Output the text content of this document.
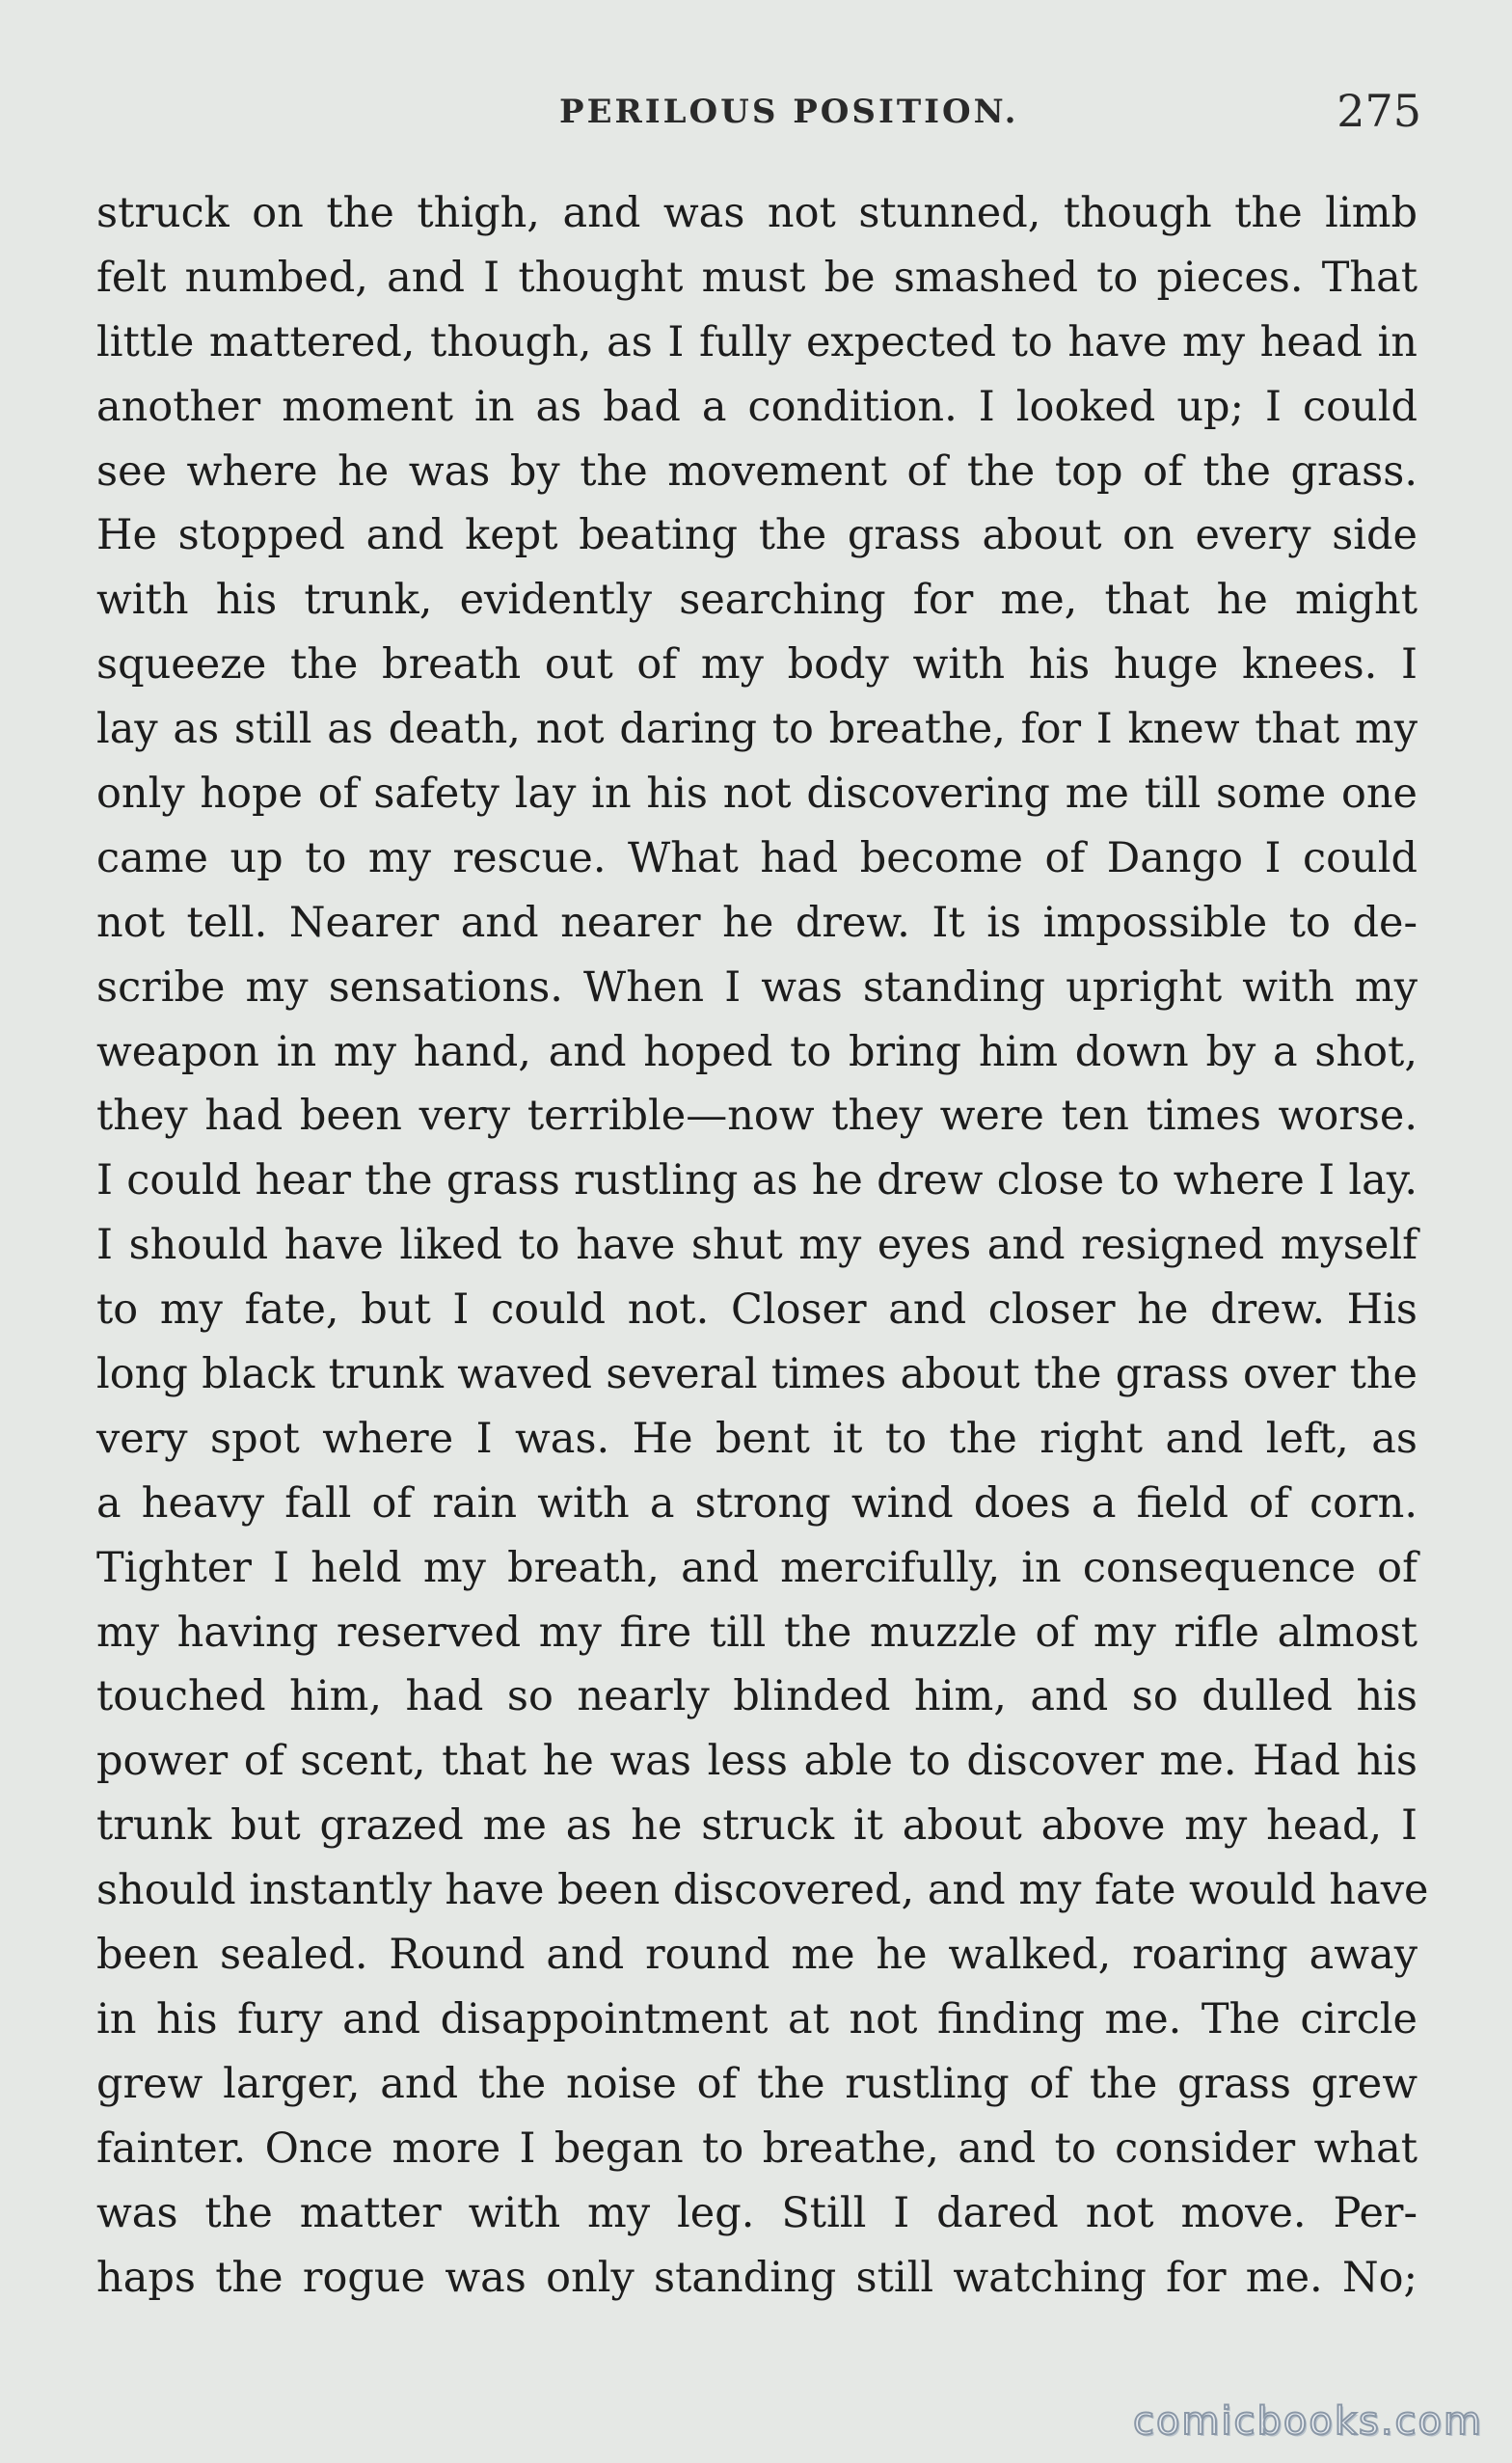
PERILOUS POSITION.	275
struck on the thigh, and was not stunned, though the limb
felt numbed, and I thought must be smashed to pieces. That
little mattered, though, as I fully expected to have my head in
another moment in as bad a condition. I looked up; I could
see where he was by the movement of the top of the grass.
He stopped and kept beating the grass about on every side
with his trunk, evidently searching for me, that he might
squeeze the breath out of my body with his huge knees. I
lay as still as death, not daring to breathe, for I knew that my
only hope of safety lay in his not discovering me till some one
came up to my rescue. What had become of Dango I could
not tell. Nearer and nearer he drew. It is impossible to de-
scribe my sensations. When I was standing upright with my
weapon in my hand, and hoped to bring him down by a shot,
they had been very terrible—now they were ten times worse.
I could hear the grass rustling as he drew close to where I lay.
I should have liked to have shut my eyes and resigned myself
to my fate, but I could not. Closer and closer he drew. His
long black trunk waved several times about the grass over the
very spot where I was. He bent it to the right and left, as
a heavy fall of rain with a strong wind does a field of corn.
Tighter I held my breath, and mercifully, in consequence of
my having reserved my fire till the muzzle of my rifle almost
touched him, had so nearly blinded him, and so dulled his
power of scent, that he was less able to discover me. Had his
trunk but grazed me as he struck it about above my head, I
should instantly have been discovered, and my fate would have
been sealed. Round and round me he walked, roaring away
in his fury and disappointment at not finding me. The circle
grew larger, and the noise of the rustling of the grass grew
fainter. Once more I began to breathe, and to consider what
was the matter with my leg. Still I dared not move. Per-
haps the rogue was only standing still watching for me. No;
comicbooks.com
